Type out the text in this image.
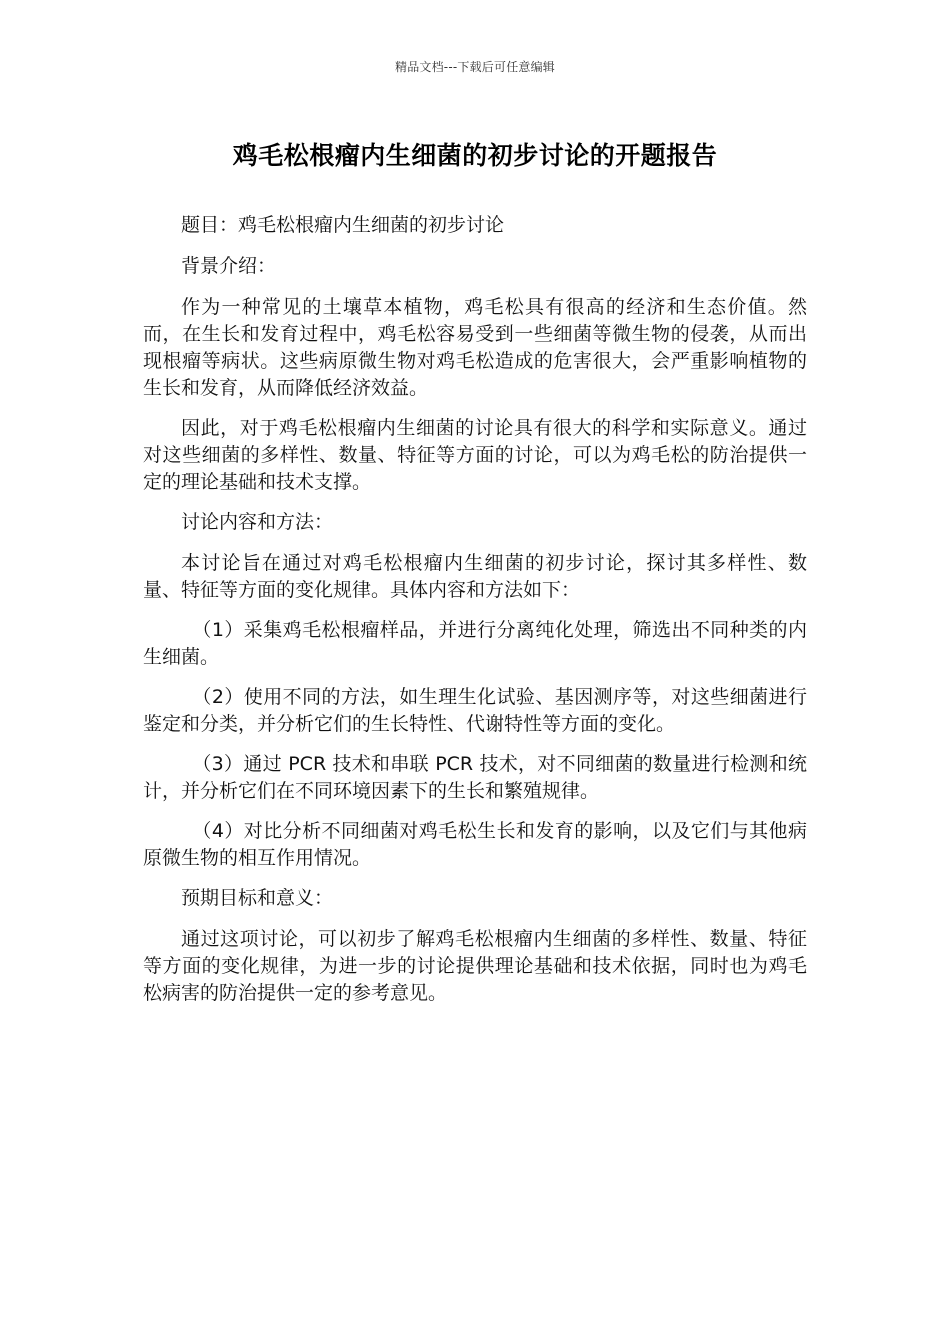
精品文档---下载后可任意编辑
鸡毛松根瘤内生细菌的初步讨论的开题报告

题目：鸡毛松根瘤内生细菌的初步讨论

背景介绍：

作为一种常见的土壤草本植物，鸡毛松具有很高的经济和生态价值。然而，在生长和发育过程中，鸡毛松容易受到一些细菌等微生物的侵袭，从而出现根瘤等病状。这些病原微生物对鸡毛松造成的危害很大，会严重影响植物的生长和发育，从而降低经济效益。

因此，对于鸡毛松根瘤内生细菌的讨论具有很大的科学和实际意义。通过对这些细菌的多样性、数量、特征等方面的讨论，可以为鸡毛松的防治提供一定的理论基础和技术支撑。

讨论内容和方法：

本讨论旨在通过对鸡毛松根瘤内生细菌的初步讨论，探讨其多样性、数量、特征等方面的变化规律。具体内容和方法如下：

（1）采集鸡毛松根瘤样品，并进行分离纯化处理，筛选出不同种类的内生细菌。

（2）使用不同的方法，如生理生化试验、基因测序等，对这些细菌进行鉴定和分类，并分析它们的生长特性、代谢特性等方面的变化。

（3）通过 PCR 技术和串联 PCR 技术，对不同细菌的数量进行检测和统计，并分析它们在不同环境因素下的生长和繁殖规律。

（4）对比分析不同细菌对鸡毛松生长和发育的影响，以及它们与其他病原微生物的相互作用情况。

预期目标和意义：

通过这项讨论，可以初步了解鸡毛松根瘤内生细菌的多样性、数量、特征等方面的变化规律，为进一步的讨论提供理论基础和技术依据，同时也为鸡毛松病害的防治提供一定的参考意见。
